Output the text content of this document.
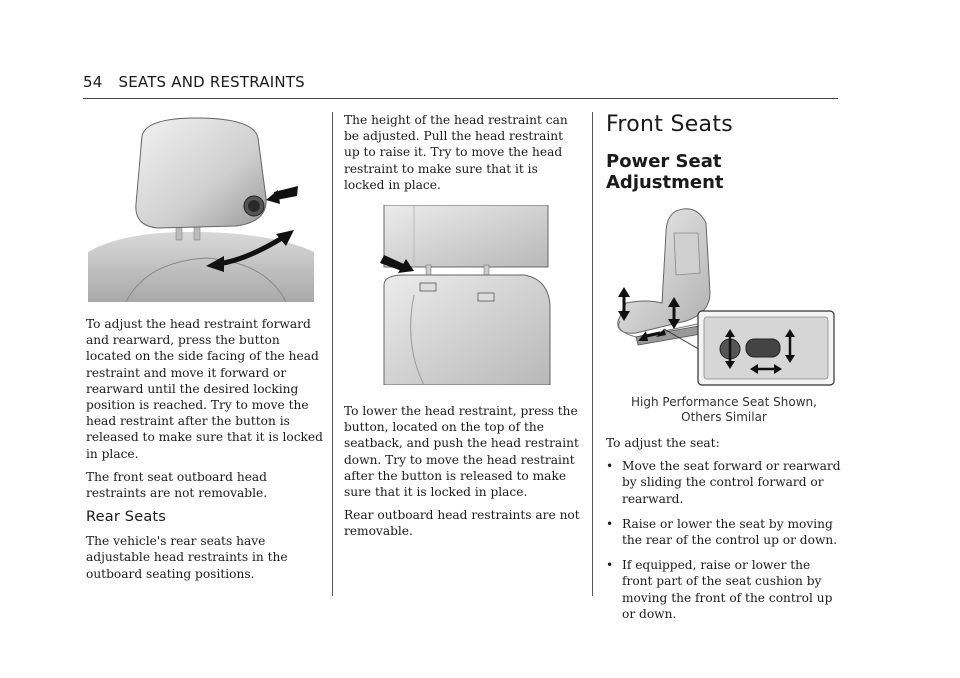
54 SEATS AND RESTRAINTS

To adjust the head restraint forward and rearward, press the button located on the side facing of the head restraint and move it forward or rearward until the desired locking position is reached. Try to move the head restraint after the button is released to make sure that it is locked in place.

The front seat outboard head restraints are not removable.

Rear Seats

The vehicle's rear seats have adjustable head restraints in the outboard seating positions.

The height of the head restraint can be adjusted. Pull the head restraint up to raise it. Try to move the head restraint to make sure that it is locked in place.

To lower the head restraint, press the button, located on the top of the seatback, and push the head restraint down. Try to move the head restraint after the button is released to make sure that it is locked in place.

Rear outboard head restraints are not removable.

Front Seats
Power Seat Adjustment
High Performance Seat Shown,
Others Similar

To adjust the seat:

• Move the seat forward or rearward by sliding the control forward or rearward.
• Raise or lower the seat by moving the rear of the control up or down.
• If equipped, raise or lower the front part of the seat cushion by moving the front of the control up or down.
